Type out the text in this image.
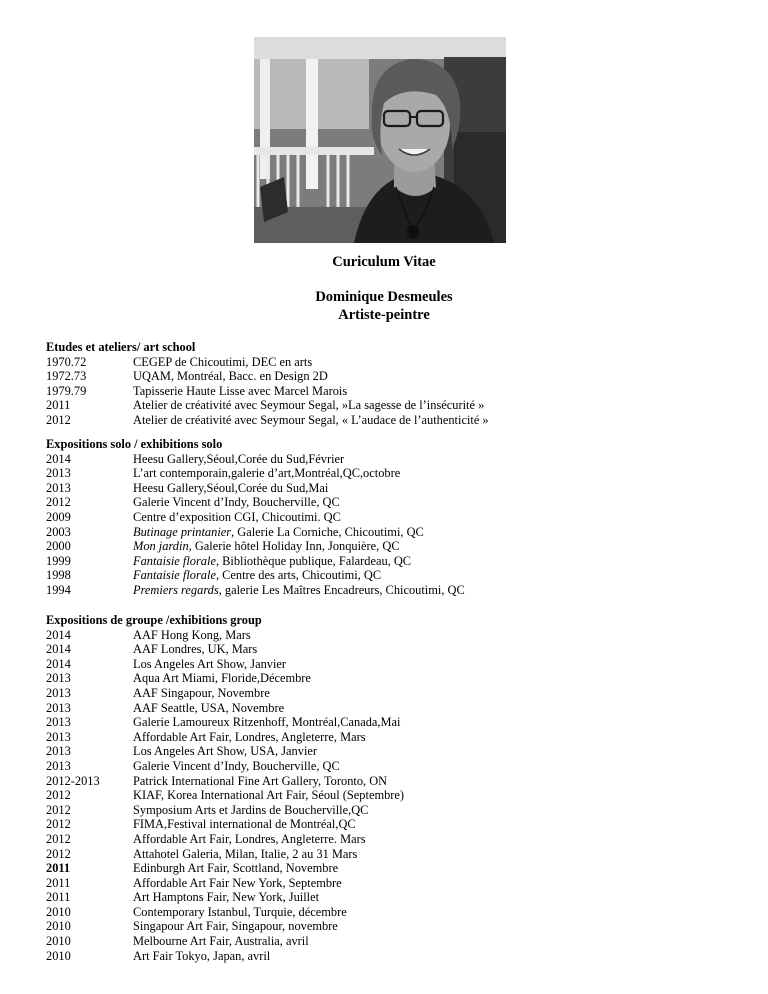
Curiculum Vitae
Dominique Desmeules
Artiste-peintre
Etudes et ateliers/ art school
1970.72	CEGEP de Chicoutimi, DEC en arts
1972.73	UQAM, Montréal, Bacc. en Design 2D
1979.79	Tapisserie Haute Lisse avec Marcel Marois
2011	Atelier de créativité avec Seymour Segal, »La sagesse de l’insécurité »
2012	Atelier de créativité avec Seymour Segal, « L’audace de l’authenticité »
Expositions solo / exhibitions solo
2014	Heesu Gallery,Séoul,Corée du Sud,Février
2013	L’art contemporain,galerie d’art,Montréal,QC,octobre
2013	Heesu Gallery,Séoul,Corée du Sud,Mai
2012	Galerie Vincent d’Indy, Boucherville, QC
2009	Centre d’exposition CGI, Chicoutimi. QC
2003	Butinage printanier, Galerie La Corniche, Chicoutimi, QC
2000	Mon jardin, Galerie hôtel Holiday Inn, Jonquière, QC
1999	Fantaisie florale, Bibliothèque publique, Falardeau, QC
1998	Fantaisie florale, Centre des arts, Chicoutimi, QC
1994	Premiers regards, galerie Les Maîtres Encadreurs, Chicoutimi, QC
Expositions de groupe /exhibitions group
2014	AAF Hong Kong, Mars
2014	AAF Londres, UK, Mars
2014	Los Angeles Art Show, Janvier
2013	Aqua Art Miami, Floride,Décembre
2013	AAF Singapour, Novembre
2013	AAF Seattle, USA, Novembre
2013	Galerie Lamoureux Ritzenhoff, Montréal,Canada,Mai
2013	Affordable Art Fair, Londres, Angleterre, Mars
2013	Los Angeles Art Show, USA, Janvier
2013	Galerie Vincent d’Indy, Boucherville, QC
2012-2013	Patrick International Fine Art Gallery, Toronto, ON
2012	KIAF, Korea International Art Fair, Séoul (Septembre)
2012	Symposium Arts et Jardins de Boucherville,QC
2012	FIMA,Festival international de Montréal,QC
2012	Affordable Art Fair, Londres, Angleterre. Mars
2012	Attahotel Galeria, Milan, Italie, 2 au 31 Mars
2011	Edinburgh Art Fair, Scottland, Novembre
2011	Affordable Art Fair New York, Septembre
2011	Art Hamptons Fair, New York, Juillet
2010	Contemporary Istanbul, Turquie, décembre
2010	Singapour Art Fair, Singapour, novembre
2010	Melbourne Art Fair, Australia, avril
2010	Art Fair Tokyo, Japan, avril
